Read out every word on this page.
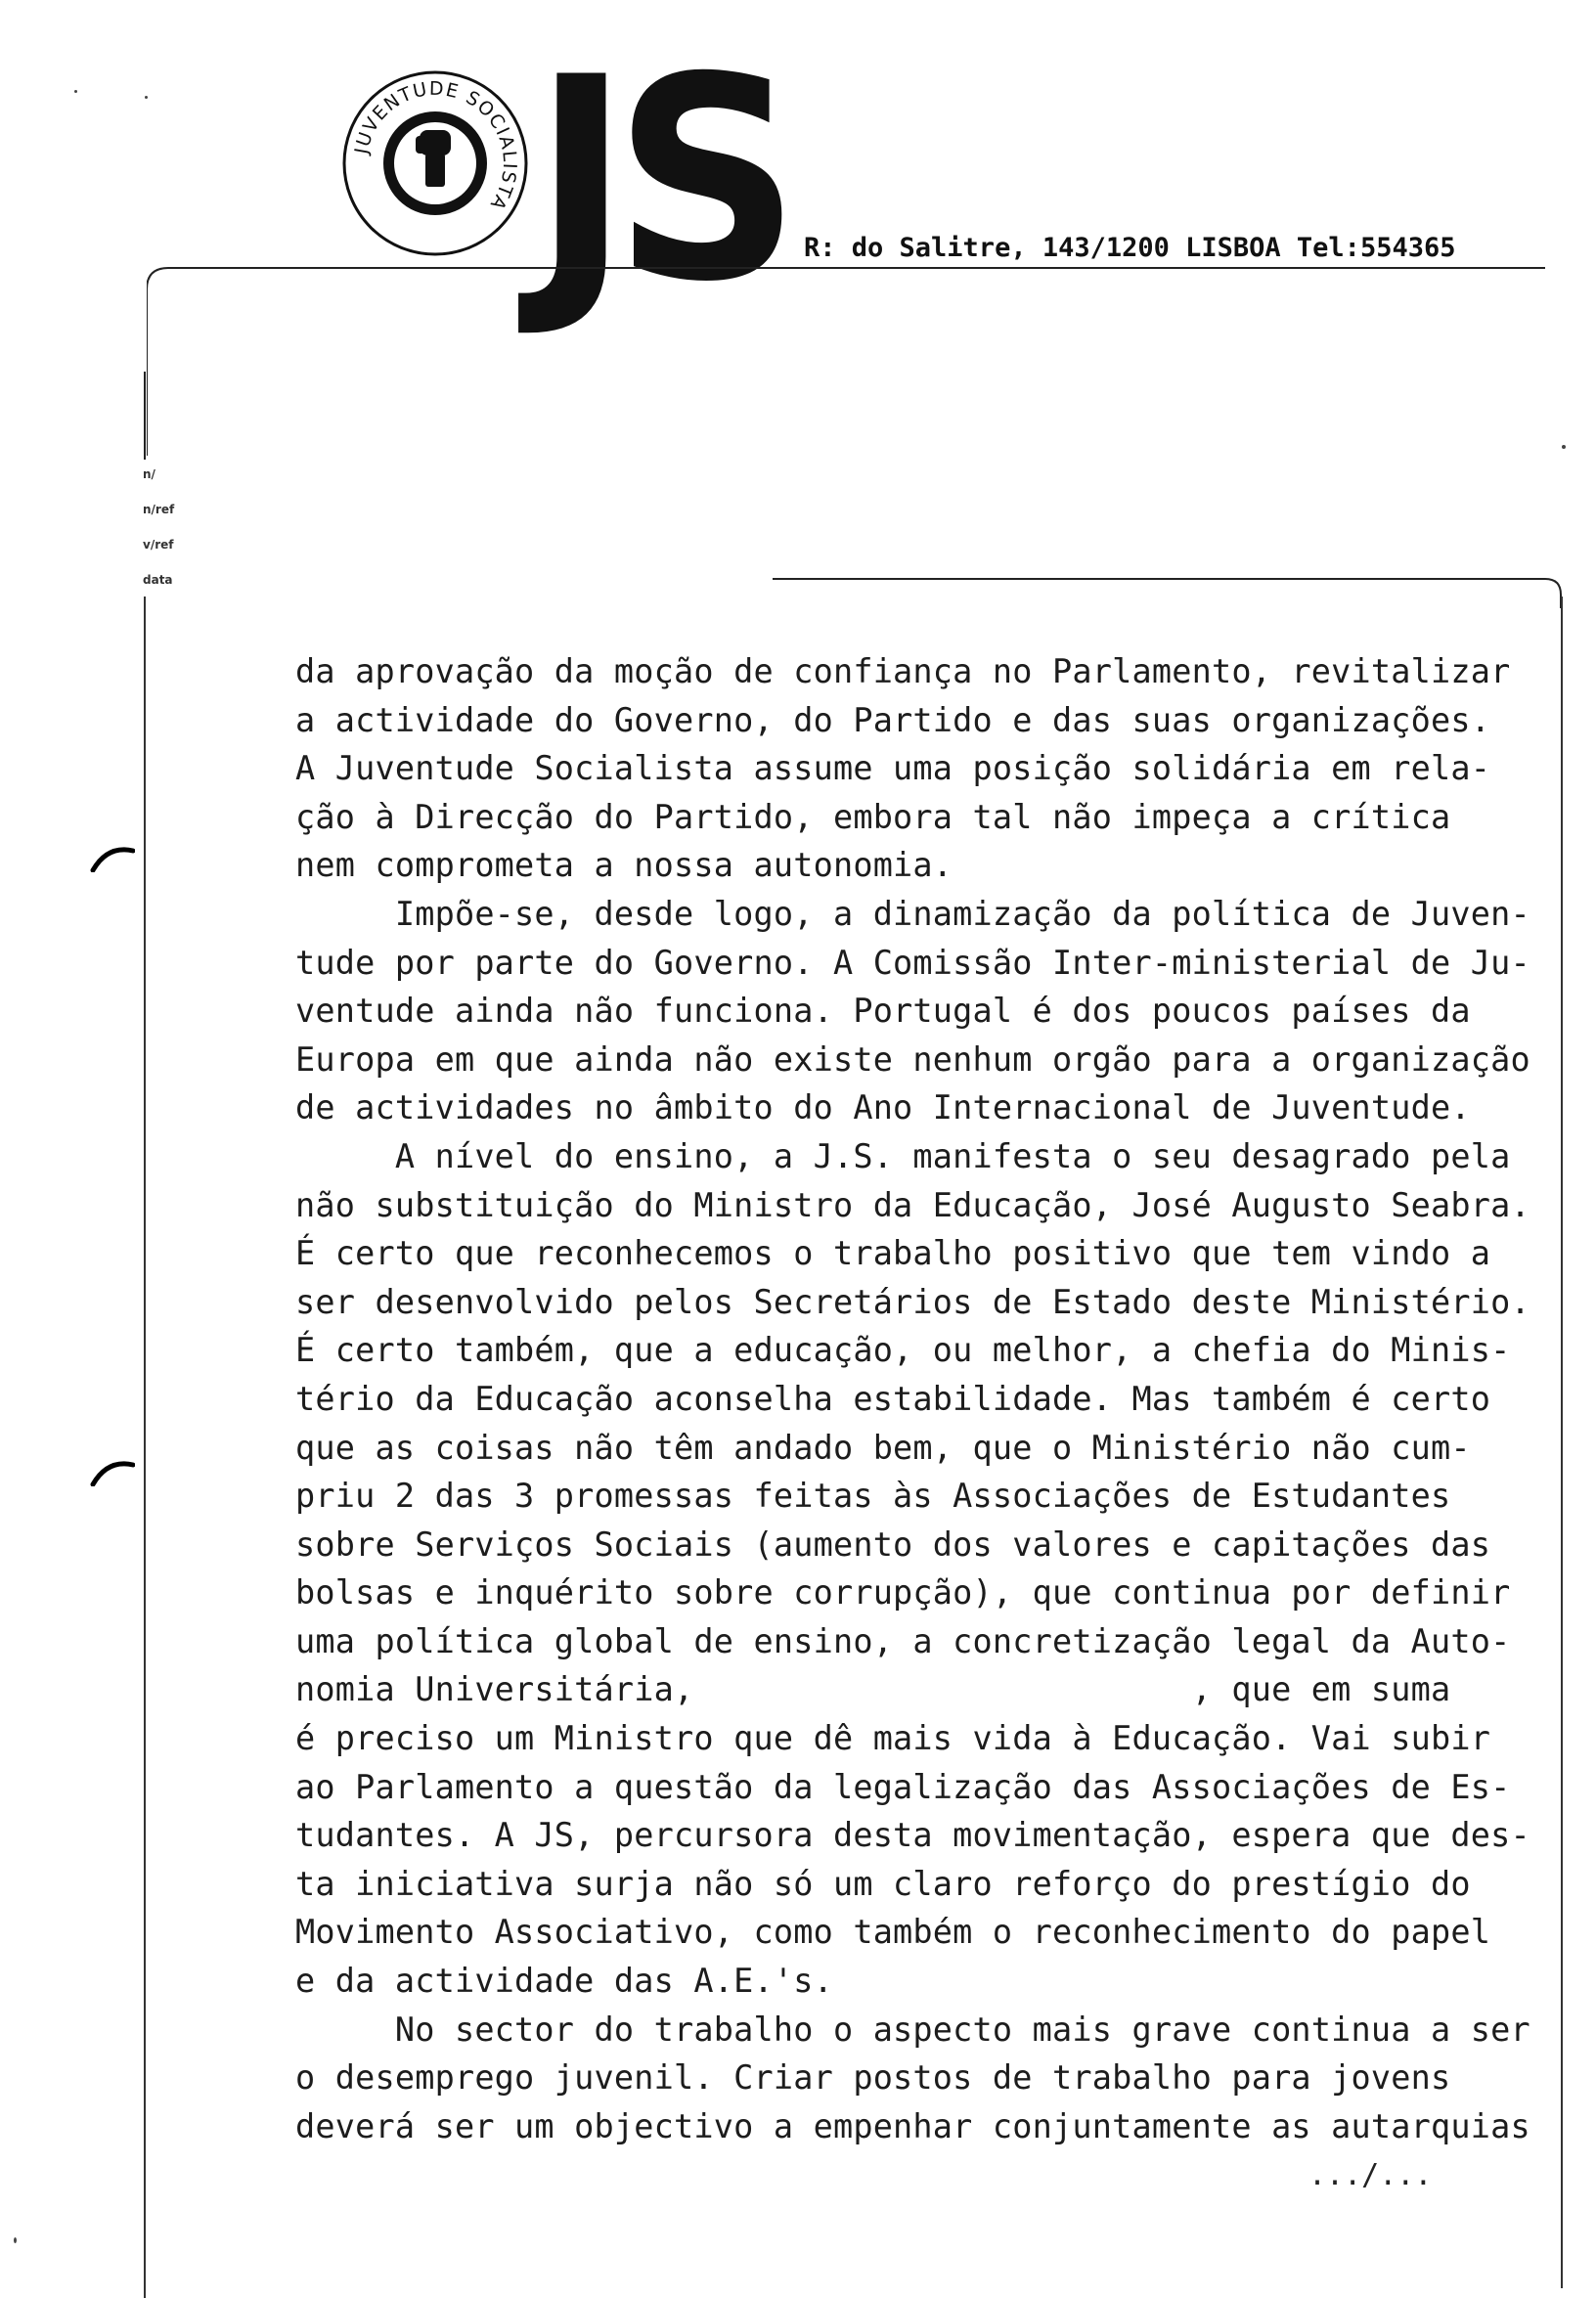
JUVENTUDE SOCIALISTA JS R: do Salitre, 143/1200 LISBOA Tel:554365
n/
n/ref
v/ref
data
da aprovação da moção de confiança no Parlamento, revitalizar
a actividade do Governo, do Partido e das suas organizações.
A Juventude Socialista assume uma posição solidária em rela-
ção à Direcção do Partido, embora tal não impeça a crítica
nem comprometa a nossa autonomia.
Impõe-se, desde logo, a dinamização da política de Juven-
tude por parte do Governo. A Comissão Inter-ministerial de Ju-
ventude ainda não funciona. Portugal é dos poucos países da
Europa em que ainda não existe nenhum orgão para a organização
de actividades no âmbito do Ano Internacional de Juventude.
A nível do ensino, a J.S. manifesta o seu desagrado pela
não substituição do Ministro da Educação, José Augusto Seabra.
É certo que reconhecemos o trabalho positivo que tem vindo a
ser desenvolvido pelos Secretários de Estado deste Ministério.
É certo também, que a educação, ou melhor, a chefia do Minis-
tério da Educação aconselha estabilidade. Mas também é certo
que as coisas não têm andado bem, que o Ministério não cum-
priu 2 das 3 promessas feitas às Associações de Estudantes
sobre Serviços Sociais (aumento dos valores e capitações das
bolsas e inquérito sobre corrupção), que continua por definir
uma política global de ensino, a concretização legal da Auto-
nomia Universitária,                         , que em suma
é preciso um Ministro que dê mais vida à Educação. Vai subir
ao Parlamento a questão da legalização das Associações de Es-
tudantes. A JS, percursora desta movimentação, espera que des-
ta iniciativa surja não só um claro reforço do prestígio do
Movimento Associativo, como também o reconhecimento do papel
e da actividade das A.E.'s.
No sector do trabalho o aspecto mais grave continua a ser
o desemprego juvenil. Criar postos de trabalho para jovens
deverá ser um objectivo a empenhar conjuntamente as autarquias
.../...
